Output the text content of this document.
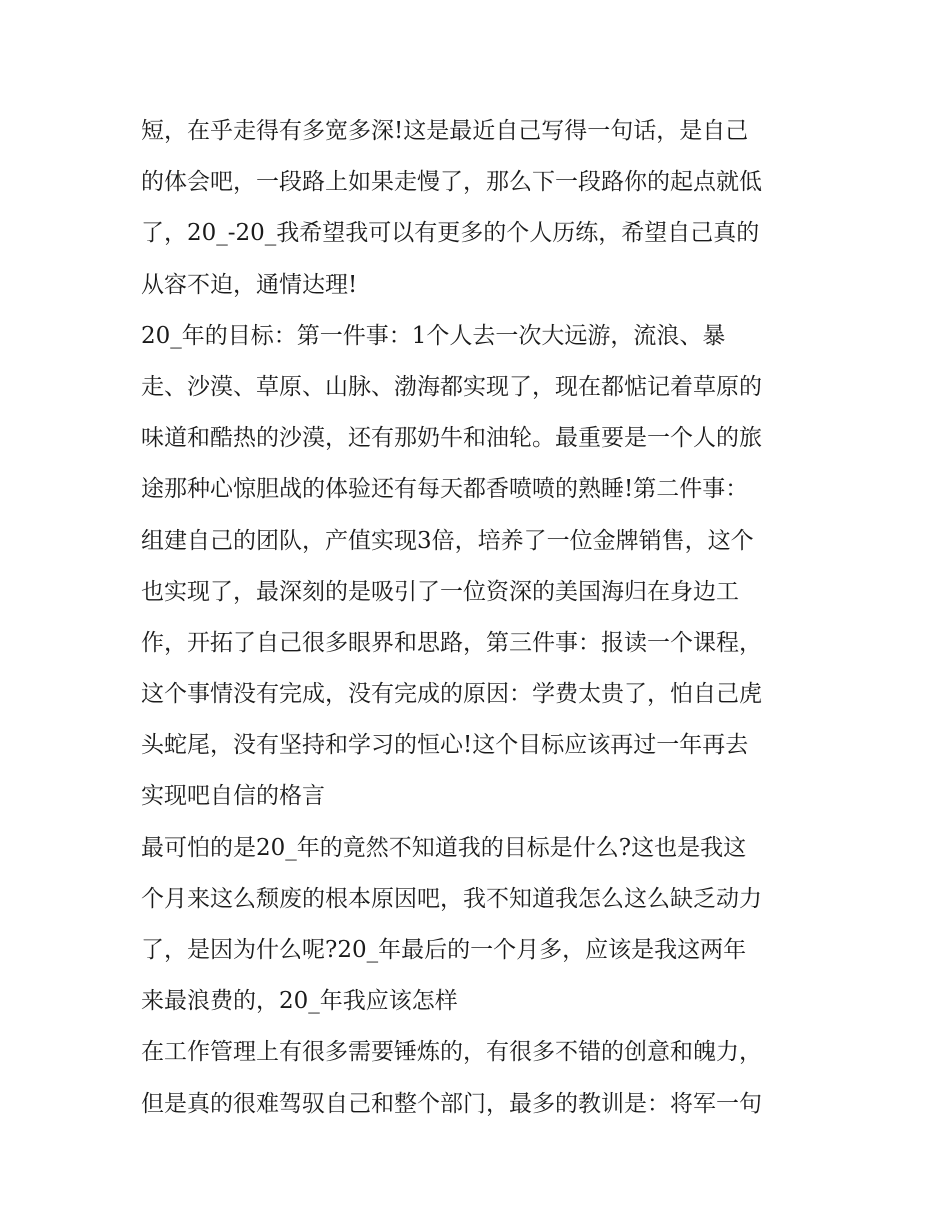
短，在乎走得有多宽多深!这是最近自己写得一句话，是自己
的体会吧，一段路上如果走慢了，那么下一段路你的起点就低
了，20_-20_我希望我可以有更多的个人历练，希望自己真的
从容不迫，通情达理!
20_年的目标：第一件事：1个人去一次大远游，流浪、暴
走、沙漠、草原、山脉、渤海都实现了，现在都惦记着草原的
味道和酷热的沙漠，还有那奶牛和油轮。最重要是一个人的旅
途那种心惊胆战的体验还有每天都香喷喷的熟睡!第二件事：
组建自己的团队，产值实现3倍，培养了一位金牌销售，这个
也实现了，最深刻的是吸引了一位资深的美国海归在身边工
作，开拓了自己很多眼界和思路，第三件事：报读一个课程，
这个事情没有完成，没有完成的原因：学费太贵了，怕自己虎
头蛇尾，没有坚持和学习的恒心!这个目标应该再过一年再去
实现吧自信的格言
最可怕的是20_年的竟然不知道我的目标是什么?这也是我这
个月来这么颓废的根本原因吧，我不知道我怎么这么缺乏动力
了，是因为什么呢?20_年最后的一个月多，应该是我这两年
来最浪费的，20_年我应该怎样
在工作管理上有很多需要锤炼的，有很多不错的创意和魄力，
但是真的很难驾驭自己和整个部门，最多的教训是：将军一句
